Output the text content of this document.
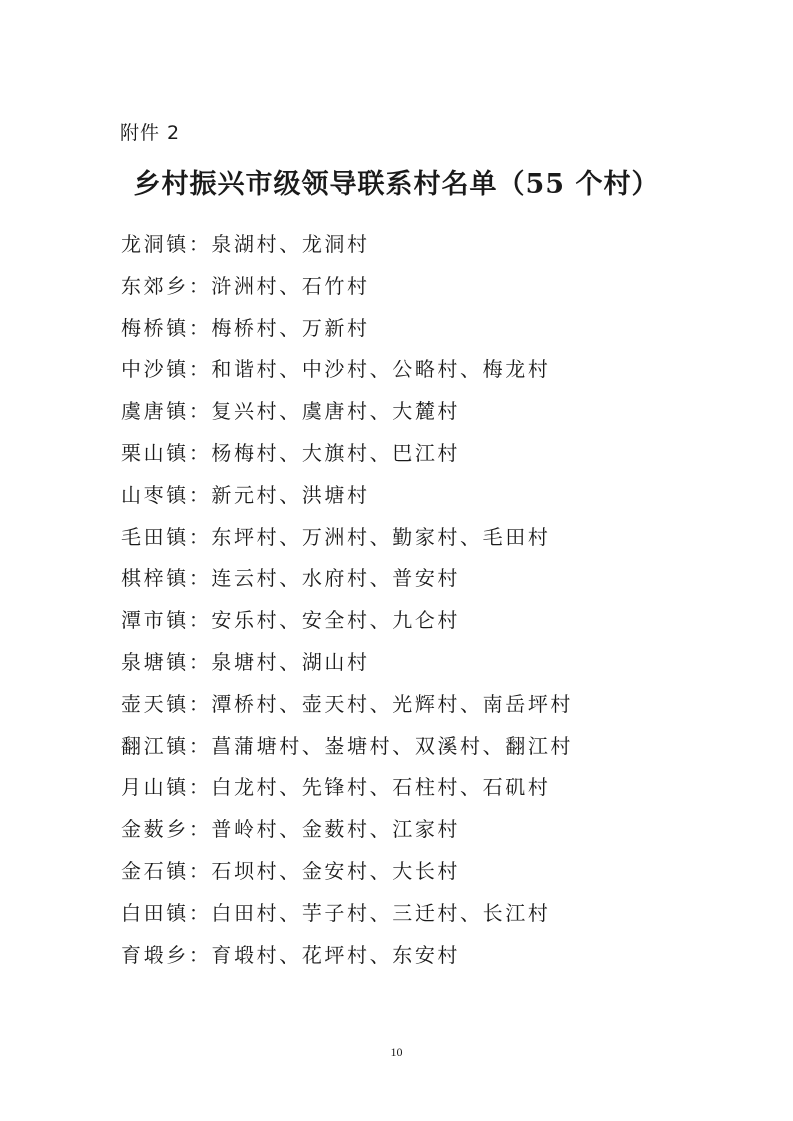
附件 2
乡村振兴市级领导联系村名单（55 个村）
龙洞镇：泉湖村、龙洞村
东郊乡：浒洲村、石竹村
梅桥镇：梅桥村、万新村
中沙镇：和谐村、中沙村、公略村、梅龙村
虞唐镇：复兴村、虞唐村、大麓村
栗山镇：杨梅村、大旗村、巴江村
山枣镇：新元村、洪塘村
毛田镇：东坪村、万洲村、勤家村、毛田村
棋梓镇：连云村、水府村、普安村
潭市镇：安乐村、安全村、九仑村
泉塘镇：泉塘村、湖山村
壶天镇：潭桥村、壶天村、光辉村、南岳坪村
翻江镇：菖蒲塘村、崟塘村、双溪村、翻江村
月山镇：白龙村、先锋村、石柱村、石矶村
金薮乡：普岭村、金薮村、江家村
金石镇：石坝村、金安村、大长村
白田镇：白田村、芋子村、三迁村、长江村
育塅乡：育塅村、花坪村、东安村
10
